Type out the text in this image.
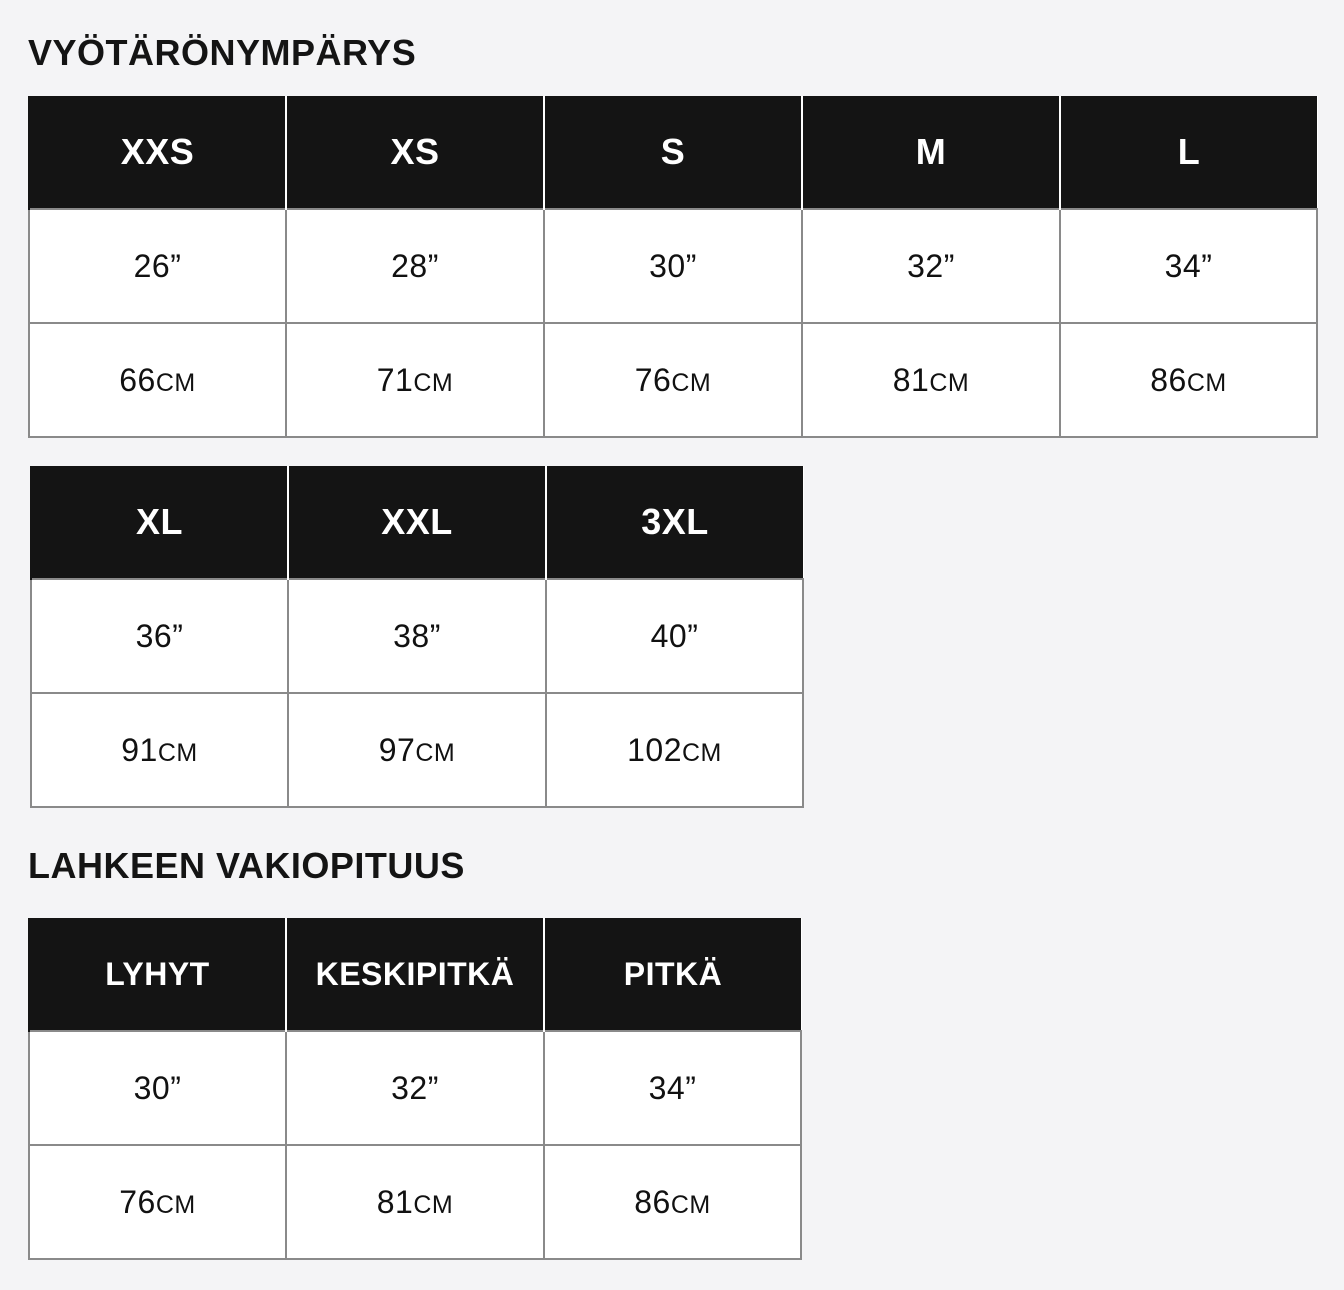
VYÖTÄRÖNYMPÄRYS
XXS	XS	S	M	L
26”	28”	30”	32”	34”
66CM	71CM	76CM	81CM	86CM
XL	XXL	3XL
36”	38”	40”
91CM	97CM	102CM
LAHKEEN VAKIOPITUUS
LYHYT	KESKIPITKÄ	PITKÄ
30”	32”	34”
76CM	81CM	86CM
